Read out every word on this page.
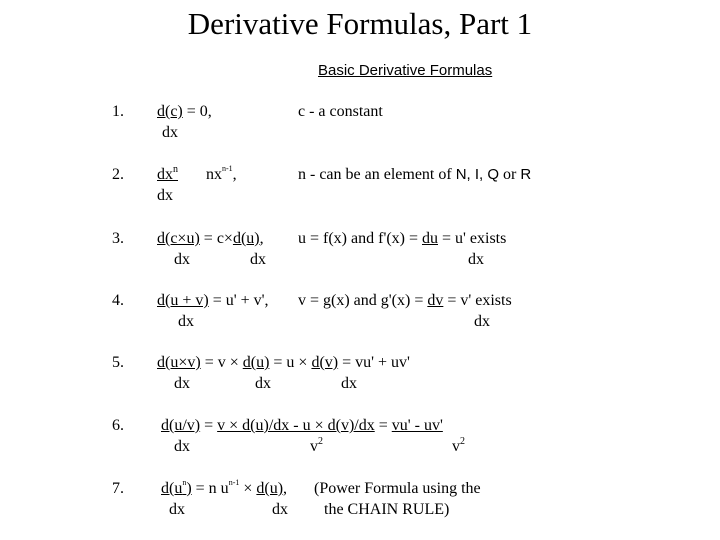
Derivative Formulas, Part 1
Basic Derivative Formulas
1. d(c) = 0,
dx
c - a constant
2. $dx^n$
dx
$nx^{n-1}$,	n - can be an element of N, I, Q or R
3. d(c×u) = c×d(u),
dx	dx
u = f(x) and f'(x) = du = u' exists
dx
4. d(u + v) = u' + v',
dx
v = g(x) and g'(x) = dv = v' exists
dx
5. d(u×v) = v × d(u) = u × d(v) = vu' + uv'
dx	dx	dx
6. d(u/v) = v × d(u)/dx - u × d(v)/dx = vu' - uv'
dx	$v^2$	$v^2$
7. $d(u^n) = n$ $u^{n-1} \times d(u)$, (Power Formula using the
dx	dx the CHAIN RULE)
